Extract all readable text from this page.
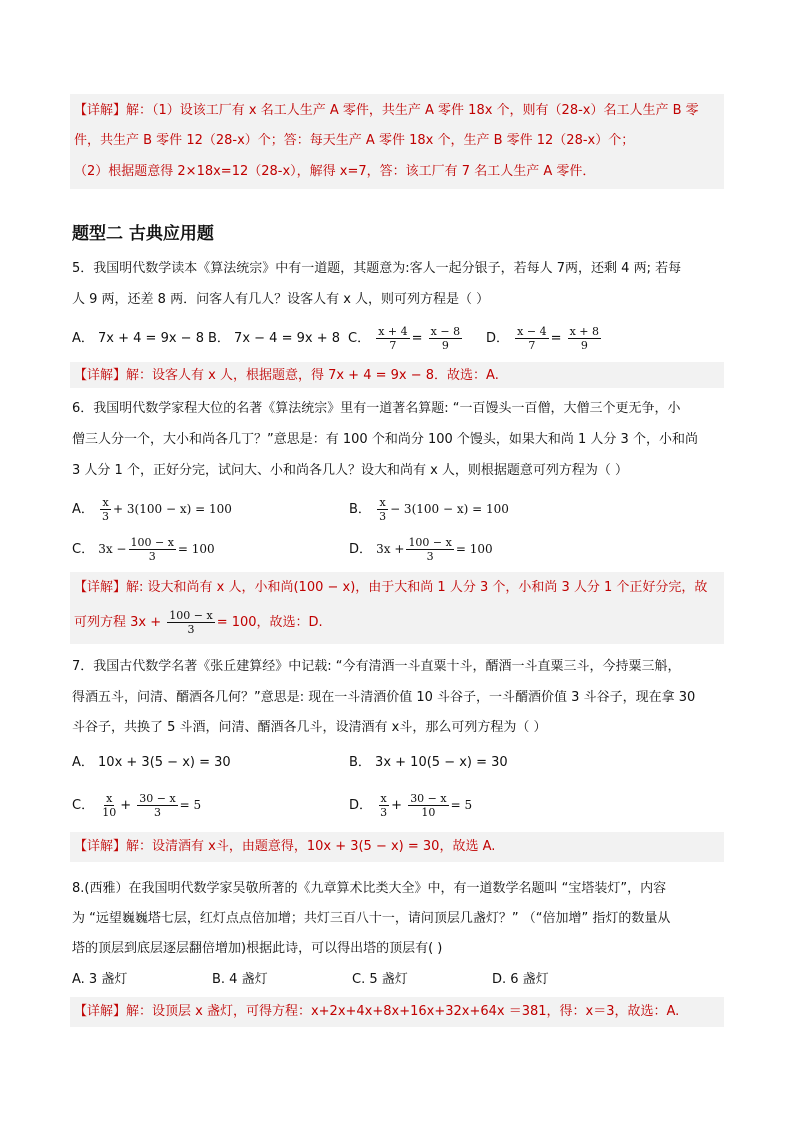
【详解】解：（1）设该工厂有 x 名工人生产 A 零件，共生产 A 零件 18x 个，则有（28-x）名工人生产 B 零
件，共生产 B 零件 12（28-x）个；答：每天生产 A 零件 18x 个，生产 B 零件 12（28-x）个；
（2）根据题意得 2×18x=12（28-x），解得 x=7，答：该工厂有 7 名工人生产 A 零件．
题型二 古典应用题
5．我国明代数学读本《算法统宗》中有一道题，其题意为:客人一起分银子，若每人 7两，还剩 4 两; 若每
人 9 两，还差 8 两．问客人有几人？设客人有 x 人，则可列方程是（ ）
A． 7x + 4 = 9x − 8 B． 7x − 4 = 9x + 8 C． $\frac{x + 4}{7} = \frac{x - 8}{9}$ D． $\frac{x - 4}{7} = \frac{x + 8}{9}$
【详解】解：设客人有 x 人，根据题意，得 7x + 4 = 9x − 8．故选：A.
6．我国明代数学家程大位的名著《算法统宗》里有一道著名算题: “一百馒头一百僧，大僧三个更无争，小
僧三人分一个，大小和尚各几丁？”意思是：有 100 个和尚分 100 个馒头，如果大和尚 1 人分 3 个，小和尚
3 人分 1 个，正好分完，试问大、小和尚各几人？设大和尚有 x 人，则根据题意可列方程为（ ）
A． $\frac{x}{3} + 3(100 - x) = 100$	B． $\frac{x}{3} - 3(100 - x) = 100$
C． $3x - \frac{100 - x}{3} = 100$	D． $3x + \frac{100 - x}{3} = 100$
【详解】解: 设大和尚有 x 人，小和尚(100 − x)，由于大和尚 1 人分 3 个，小和尚 3 人分 1 个正好分完，故
可列方程 $3x + \frac{100 - x}{3} = 100$，故选：D.
7．我国古代数学名著《张丘建算经》中记载: “今有清酒一斗直粟十斗，醑酒一斗直粟三斗，今持粟三斛，
得酒五斗，问清、醑酒各几何？”意思是: 现在一斗清酒价值 10 斗谷子，一斗醑酒价值 3 斗谷子，现在拿 30
斗谷子，共换了 5 斗酒，问清、醑酒各几斗，设清酒有 x斗，那么可列方程为（ ）
A． 10x + 3(5 − x) = 30	B． 3x + 10(5 − x) = 30
C． $\frac{x}{10} + \frac{30 - x}{3} = 5$	D． $\frac{x}{3} + \frac{30 - x}{10} = 5$
【详解】解：设清酒有 x斗，由题意得，10x + 3(5 − x) = 30，故选 A.
8.(西雅）在我国明代数学家吴敬所著的《九章算术比类大全》中，有一道数学名题叫 “宝塔装灯”，内容
为 “远望巍巍塔七层，红灯点点倍加增；共灯三百八十一，请问顶层几盏灯？” （“倍加增” 指灯的数量从
塔的顶层到底层逐层翻倍增加)根据此诗，可以得出塔的顶层有( )
A. 3 盏灯	B. 4 盏灯	C. 5 盏灯	D. 6 盏灯
【详解】解：设顶层 x 盏灯，可得方程：x+2x+4x+8x+16x+32x+64x ＝381，得：x＝3，故选：A.
